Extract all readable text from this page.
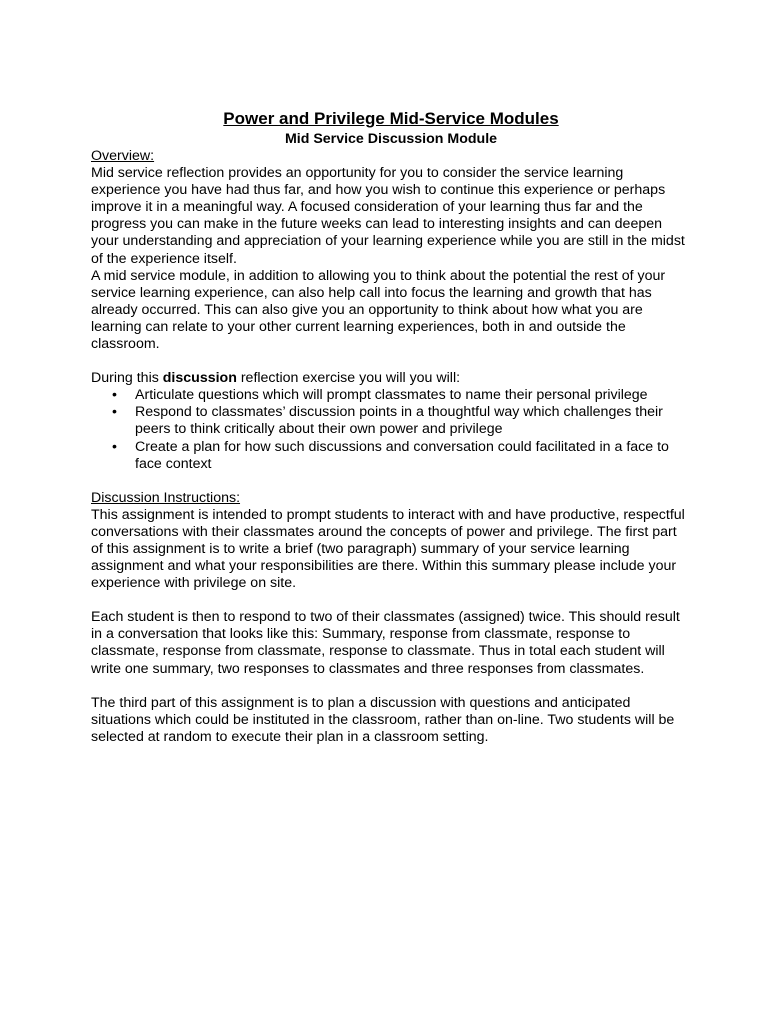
Power and Privilege Mid-Service Modules
Mid Service Discussion Module
Overview:

Mid service reflection provides an opportunity for you to consider the service learning experience you have had thus far, and how you wish to continue this experience or perhaps improve it in a meaningful way. A focused consideration of your learning thus far and the progress you can make in the future weeks can lead to interesting insights and can deepen your understanding and appreciation of your learning experience while you are still in the midst of the experience itself.

A mid service module, in addition to allowing you to think about the potential the rest of your service learning experience, can also help call into focus the learning and growth that has already occurred. This can also give you an opportunity to think about how what you are learning can relate to your other current learning experiences, both in and outside the classroom.

During this discussion reflection exercise you will you will:

• Articulate questions which will prompt classmates to name their personal privilege
• Respond to classmates’ discussion points in a thoughtful way which challenges their peers to think critically about their own power and privilege
• Create a plan for how such discussions and conversation could facilitated in a face to face context
Discussion Instructions:

This assignment is intended to prompt students to interact with and have productive, respectful conversations with their classmates around the concepts of power and privilege. The first part of this assignment is to write a brief (two paragraph) summary of your service learning assignment and what your responsibilities are there. Within this summary please include your experience with privilege on site.

Each student is then to respond to two of their classmates (assigned) twice. This should result in a conversation that looks like this: Summary, response from classmate, response to classmate, response from classmate, response to classmate. Thus in total each student will write one summary, two responses to classmates and three responses from classmates.

The third part of this assignment is to plan a discussion with questions and anticipated situations which could be instituted in the classroom, rather than on-line. Two students will be selected at random to execute their plan in a classroom setting.
